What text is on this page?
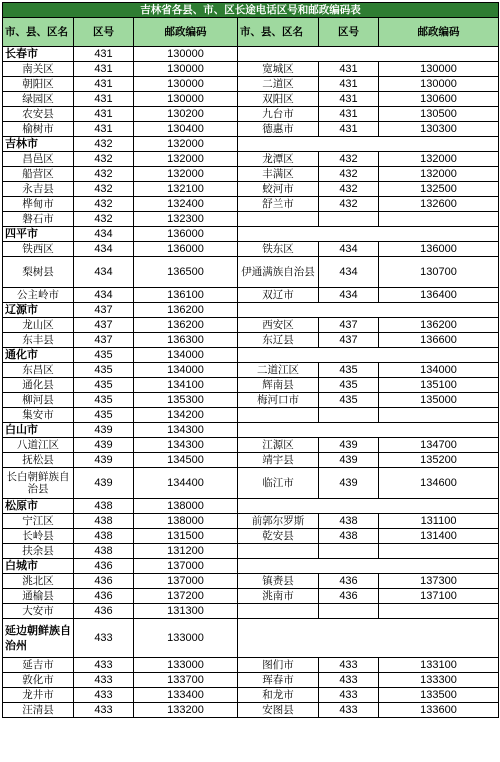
吉林省各县、市、区长途电话区号和邮政编码表					
市、县、区名	区号	邮政编码	市、县、区名	区号	邮政编码
长春市	431	130000			
南关区	431	130000	宽城区	431	130000
朝阳区	431	130000	二道区	431	130000
绿园区	431	130000	双阳区	431	130600
农安县	431	130200	九台市	431	130500
榆树市	431	130400	德惠市	431	130300
吉林市	432	132000			
昌邑区	432	132000	龙潭区	432	132000
船营区	432	132000	丰满区	432	132000
永吉县	432	132100	蛟河市	432	132500
桦甸市	432	132400	舒兰市	432	132600
磐石市	432	132300			
四平市	434	136000			
铁西区	434	136000	铁东区	434	136000
梨树县	434	136500	伊通满族自治县	434	130700
公主岭市	434	136100	双辽市	434	136400
辽源市	437	136200			
龙山区	437	136200	西安区	437	136200
东丰县	437	136300	东辽县	437	136600
通化市	435	134000			
东昌区	435	134000	二道江区	435	134000
通化县	435	134100	辉南县	435	135100
柳河县	435	135300	梅河口市	435	135000
集安市	435	134200			
白山市	439	134300			
八道江区	439	134300	江源区	439	134700
抚松县	439	134500	靖宇县	439	135200
长白朝鲜族自治县	439	134400	临江市	439	134600
松原市	438	138000			
宁江区	438	138000	前郭尔罗斯	438	131100
长岭县	438	131500	乾安县	438	131400
扶余县	438	131200			
白城市	436	137000			
洮北区	436	137000	镇赉县	436	137300
通榆县	436	137200	洮南市	436	137100
大安市	436	131300			
延边朝鲜族自治州	433	133000			
延吉市	433	133000	图们市	433	133100
敦化市	433	133700	珲春市	433	133300
龙井市	433	133400	和龙市	433	133500
汪清县	433	133200	安图县	433	133600
